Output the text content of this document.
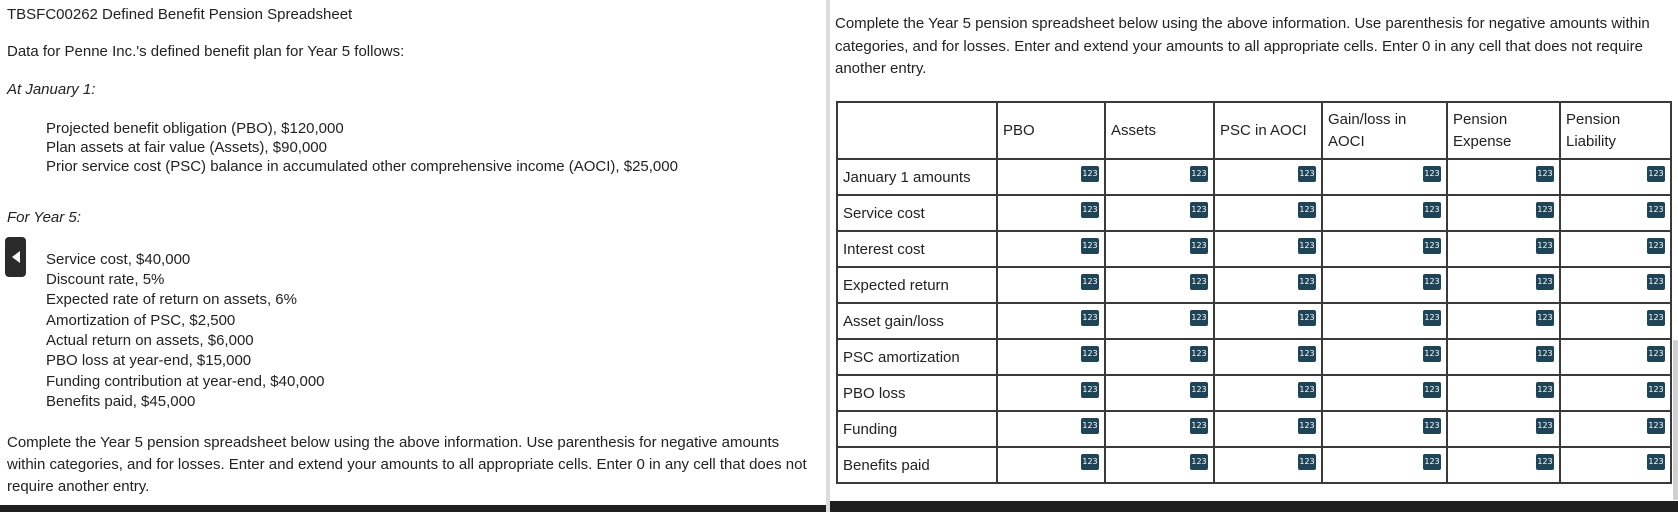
TBSFC00262 Defined Benefit Pension Spreadsheet
Data for Penne Inc.'s defined benefit plan for Year 5 follows:
At January 1:
Projected benefit obligation (PBO), $120,000
Plan assets at fair value (Assets), $90,000
Prior service cost (PSC) balance in accumulated other comprehensive income (AOCI), $25,000
For Year 5:
Service cost, $40,000
Discount rate, 5%
Expected rate of return on assets, 6%
Amortization of PSC, $2,500
Actual return on assets, $6,000
PBO loss at year-end, $15,000
Funding contribution at year-end, $40,000
Benefits paid, $45,000
Complete the Year 5 pension spreadsheet below using the above information. Use parenthesis for negative amounts within categories, and for losses. Enter and extend your amounts to all appropriate cells. Enter 0 in any cell that does not require another entry.
Complete the Year 5 pension spreadsheet below using the above information. Use parenthesis for negative amounts within categories, and for losses. Enter and extend your amounts to all appropriate cells. Enter 0 in any cell that does not require another entry.
	PBO	Assets	PSC in AOCI	Gain/loss in AOCI	Pension Expense	Pension Liability
January 1 amounts	123	123	123	123	123	123

Service cost	123	123	123	123	123	123

Interest cost	123	123	123	123	123	123

Expected return	123	123	123	123	123	123

Asset gain/loss	123	123	123	123	123	123

PSC amortization	123	123	123	123	123	123

PBO loss	123	123	123	123	123	123

Funding	123	123	123	123	123	123

Benefits paid	123	123	123	123	123	123
